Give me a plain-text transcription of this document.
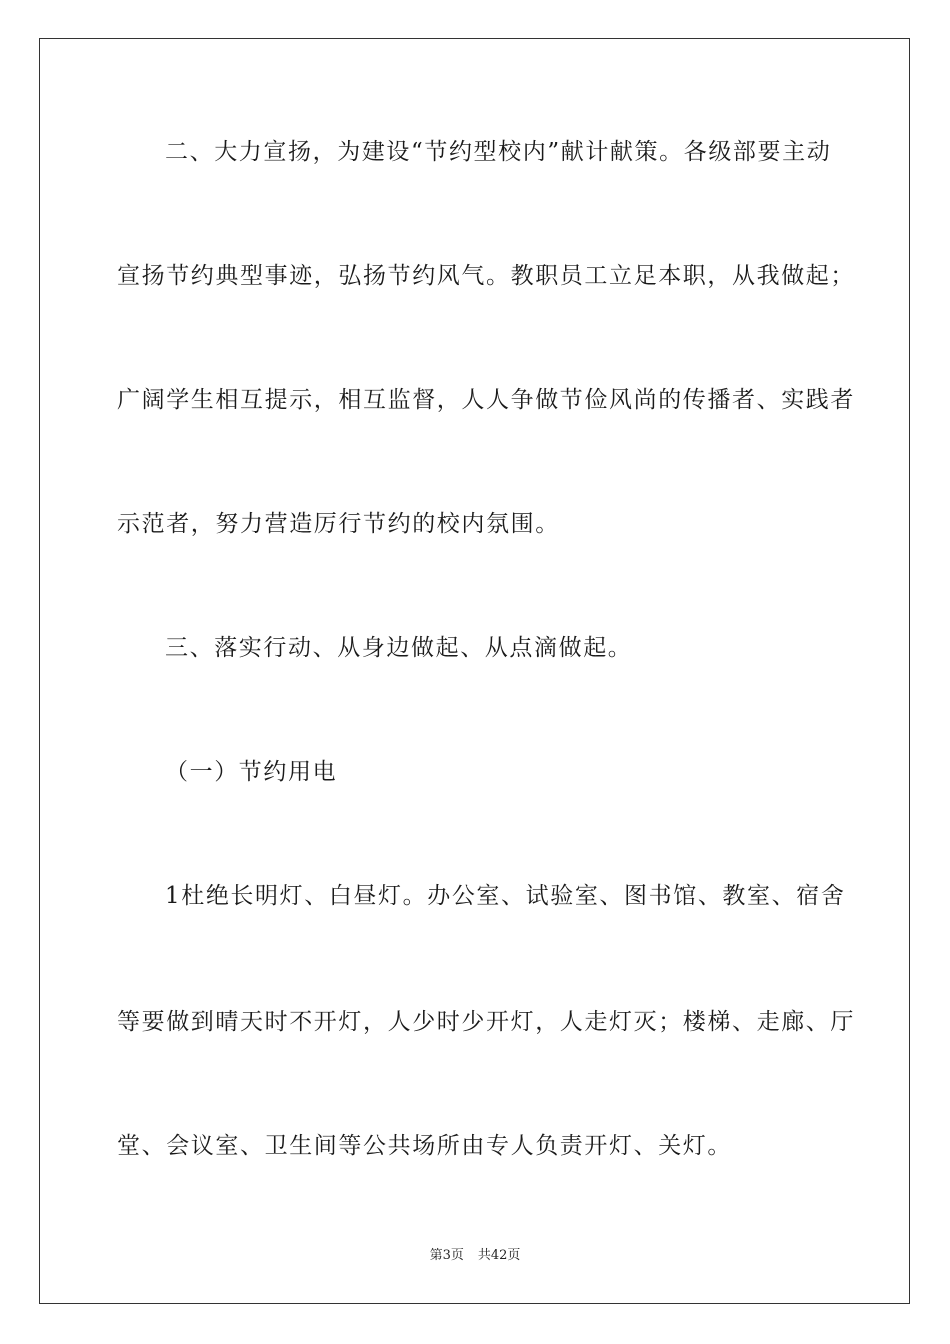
二、大力宣扬，为建设“节约型校内”献计献策。各级部要主动
宣扬节约典型事迹，弘扬节约风气。教职员工立足本职，从我做起；
广阔学生相互提示，相互监督，人人争做节俭风尚的传播者、实践者
示范者，努力营造厉行节约的校内氛围。
三、落实行动、从身边做起、从点滴做起。
（一）节约用电
1杜绝长明灯、白昼灯。办公室、试验室、图书馆、教室、宿舍
等要做到晴天时不开灯，人少时少开灯，人走灯灭；楼梯、走廊、厅
堂、会议室、卫生间等公共场所由专人负责开灯、关灯。
第3页 共42页
